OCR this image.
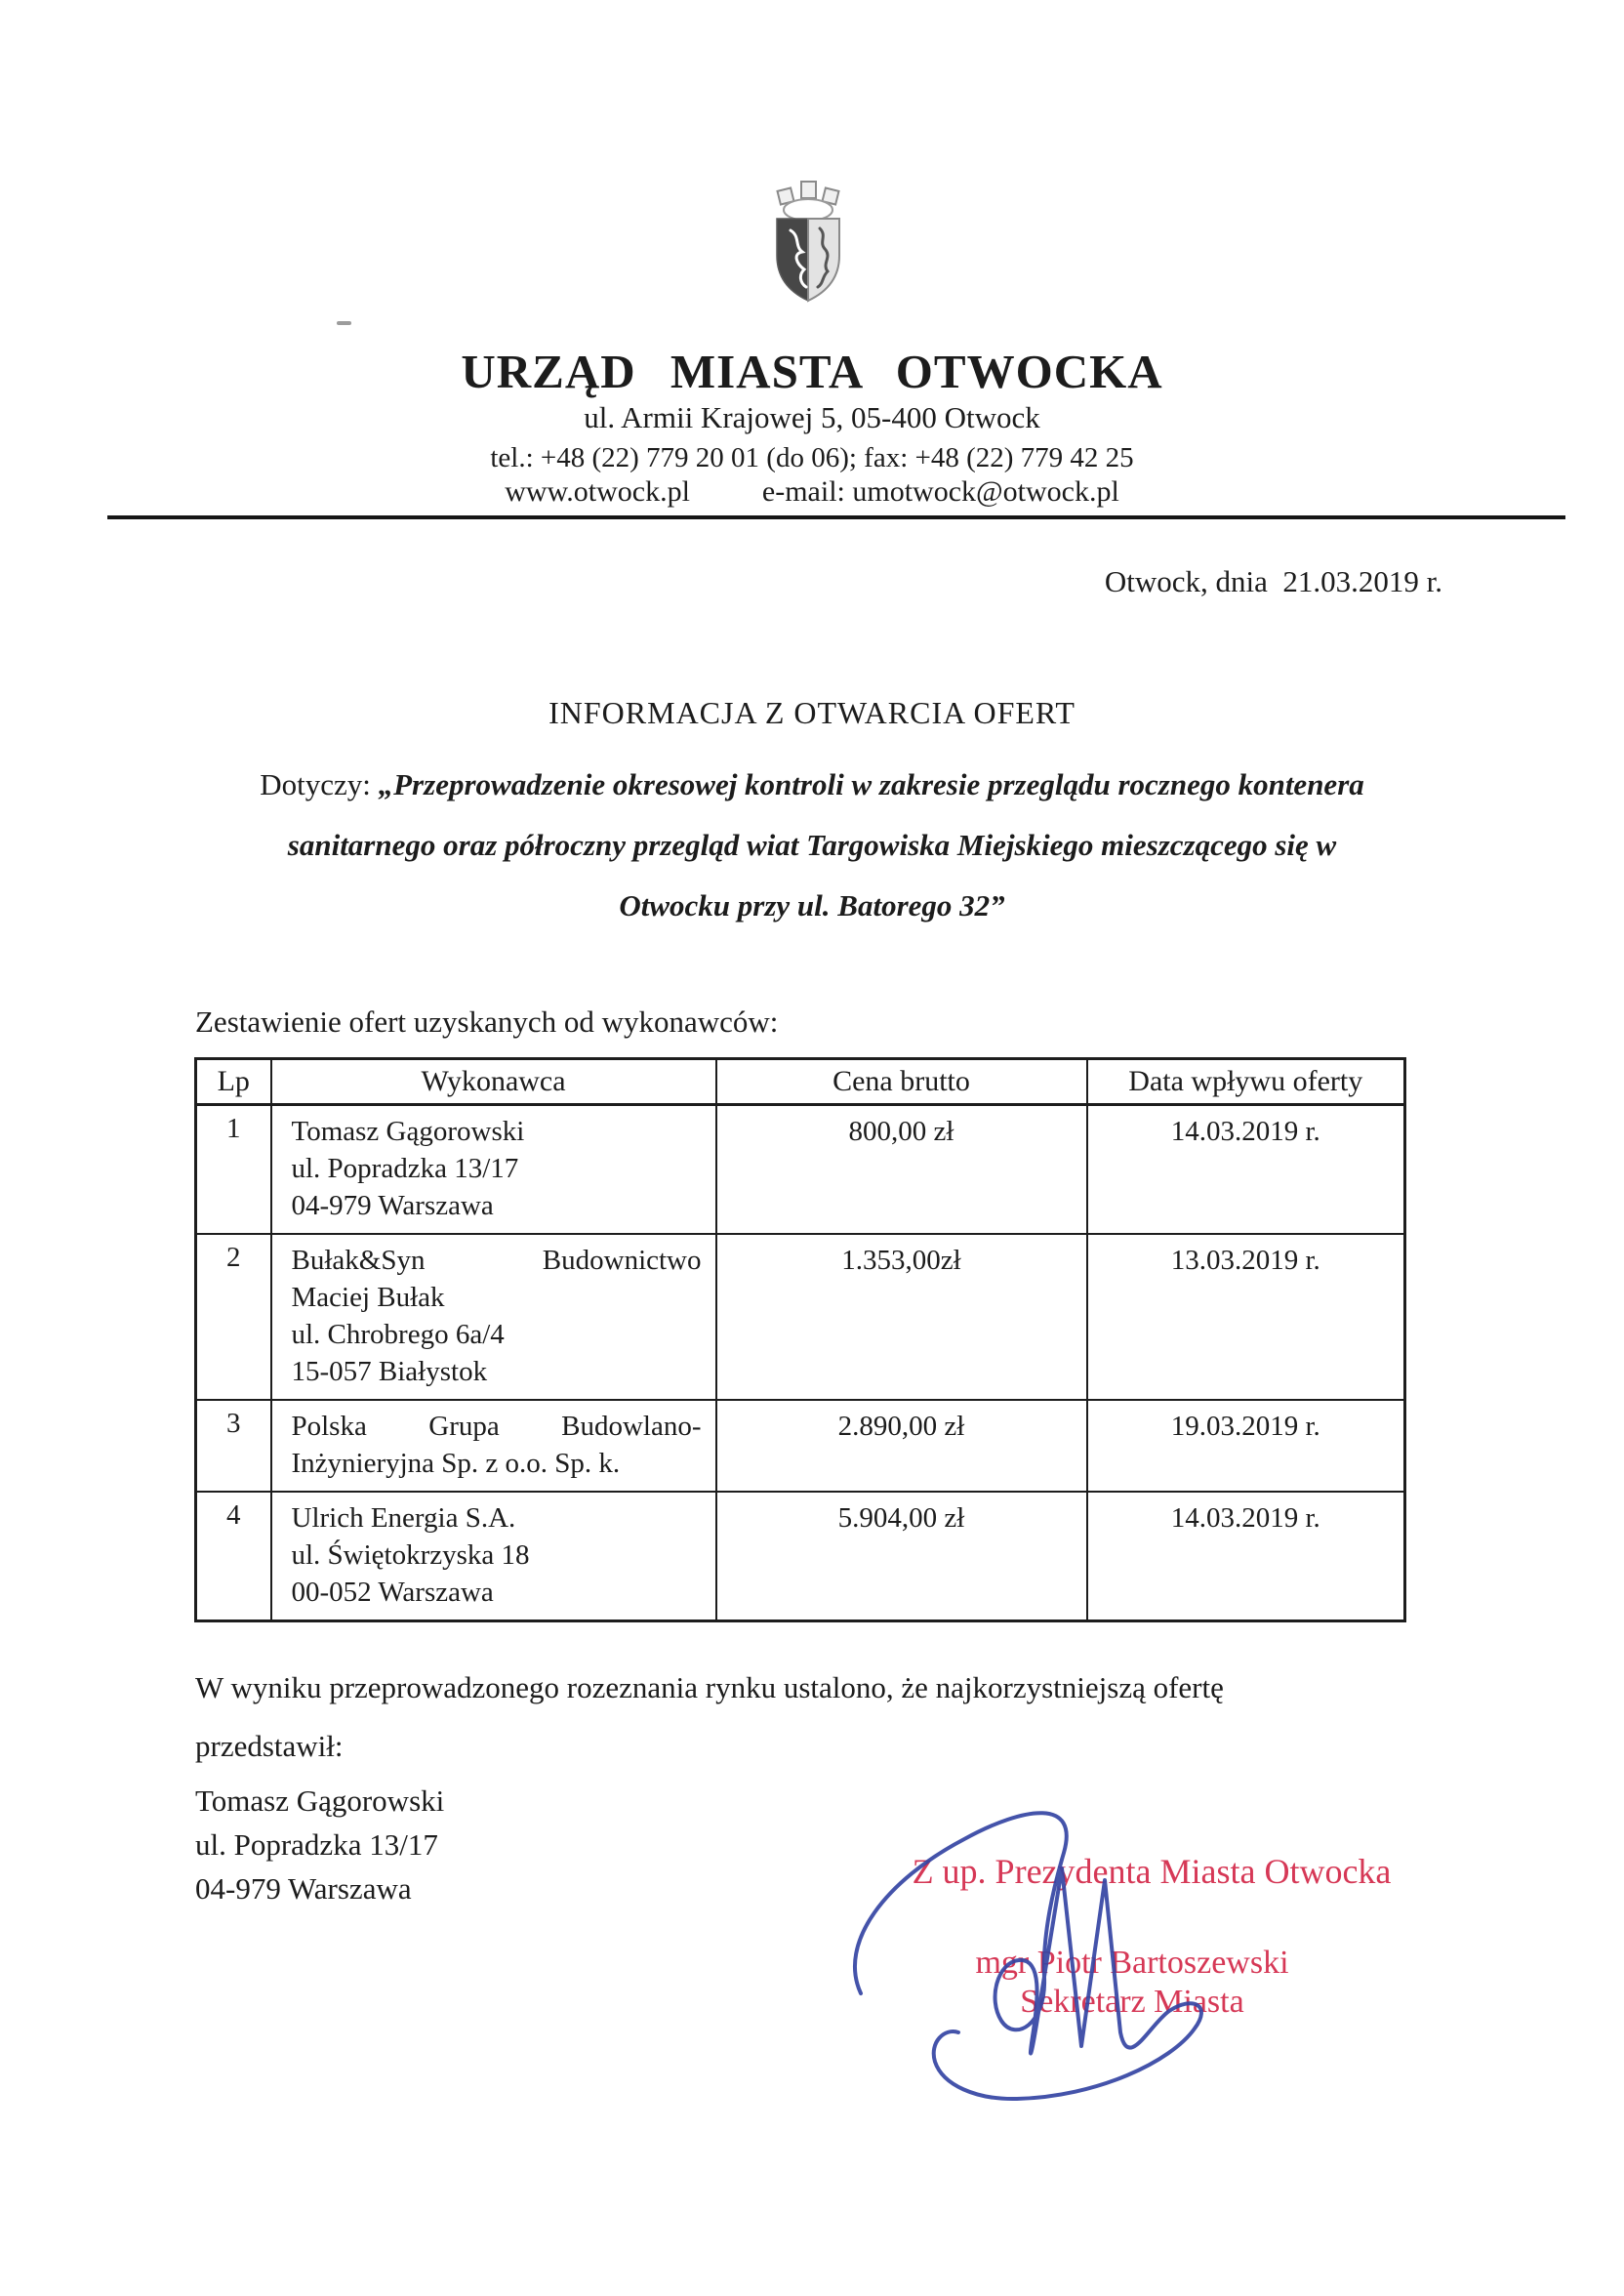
URZĄD MIASTA OTWOCKA
ul. Armii Krajowej 5, 05-400 Otwock
tel.: +48 (22) 779 20 01 (do 06); fax: +48 (22) 779 42 25
www.otwock.pl e-mail: umotwock@otwock.pl
Otwock, dnia  21.03.2019 r.
INFORMACJA Z OTWARCIA OFERT
Dotyczy: „Przeprowadzenie okresowej kontroli w zakresie przeglądu rocznego kontenera
sanitarnego oraz półroczny przegląd wiat Targowiska Miejskiego mieszczącego się w
Otwocku przy ul. Batorego 32”
Zestawienie ofert uzyskanych od wykonawców:
Lp	Wykonawca	Cena brutto	Data wpływu oferty
1	Tomasz Gągorowski
ul. Popradzka 13/17
04-979 Warszawa	800,00 zł	14.03.2019 r.
2	Bułak&Syn Budownictwo
Maciej Bułak
ul. Chrobrego 6a/4
15-057 Białystok	1.353,00zł	13.03.2019 r.
3	Polska Grupa Budowlano-
Inżynieryjna Sp. z o.o. Sp. k.	2.890,00 zł	19.03.2019 r.
4	Ulrich Energia S.A.
ul. Świętokrzyska 18
00-052 Warszawa	5.904,00 zł	14.03.2019 r.
W wyniku przeprowadzonego rozeznania rynku ustalono, że najkorzystniejszą ofertę
przedstawił:
Tomasz Gągorowski
ul. Popradzka 13/17
04-979 Warszawa	Z up. Prezydenta Miasta Otwocka
mgr Piotr Bartoszewski
Sekretarz Miasta
